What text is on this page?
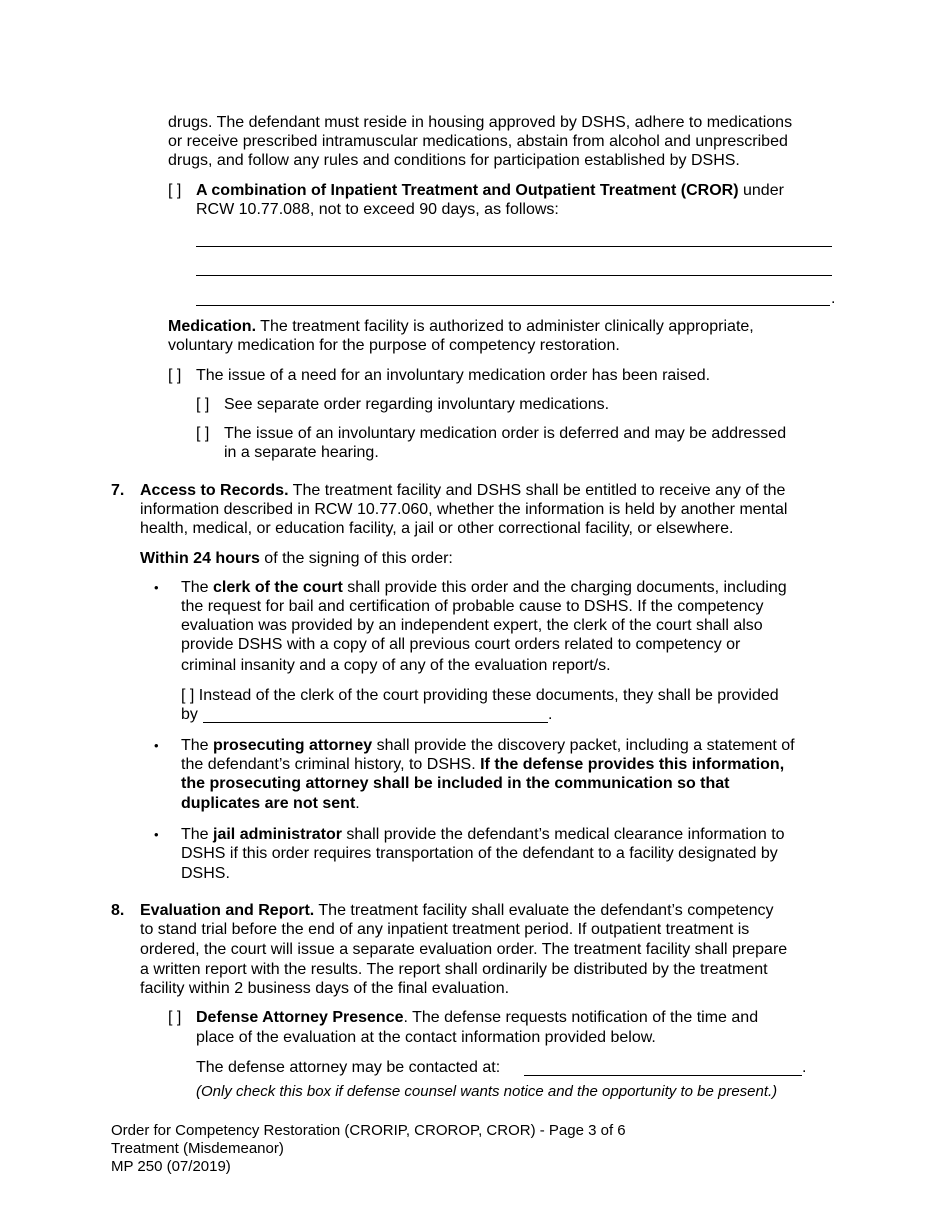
drugs. The defendant must reside in housing approved by DSHS, adhere to medications
or receive prescribed intramuscular medications, abstain from alcohol and unprescribed
drugs, and follow any rules and conditions for participation established by DSHS.
[ ] A combination of Inpatient Treatment and Outpatient Treatment (CROR) under
RCW 10.77.088, not to exceed 90 days, as follows:
.
Medication. The treatment facility is authorized to administer clinically appropriate,
voluntary medication for the purpose of competency restoration.
[ ] The issue of a need for an involuntary medication order has been raised.
[ ] See separate order regarding involuntary medications.
[ ] The issue of an involuntary medication order is deferred and may be addressed
in a separate hearing.
7. Access to Records. The treatment facility and DSHS shall be entitled to receive any of the
information described in RCW 10.77.060, whether the information is held by another mental
health, medical, or education facility, a jail or other correctional facility, or elsewhere.
Within 24 hours of the signing of this order:
• The clerk of the court shall provide this order and the charging documents, including
the request for bail and certification of probable cause to DSHS. If the competency
evaluation was provided by an independent expert, the clerk of the court shall also
provide DSHS with a copy of all previous court orders related to competency or
criminal insanity and a copy of any of the evaluation report/s.
[ ] Instead of the clerk of the court providing these documents, they shall be provided
by	.
• The prosecuting attorney shall provide the discovery packet, including a statement of
the defendant’s criminal history, to DSHS. If the defense provides this information,
the prosecuting attorney shall be included in the communication so that
duplicates are not sent.
• The jail administrator shall provide the defendant’s medical clearance information to
DSHS if this order requires transportation of the defendant to a facility designated by
DSHS.
8. Evaluation and Report. The treatment facility shall evaluate the defendant’s competency
to stand trial before the end of any inpatient treatment period. If outpatient treatment is
ordered, the court will issue a separate evaluation order. The treatment facility shall prepare
a written report with the results. The report shall ordinarily be distributed by the treatment
facility within 2 business days of the final evaluation.
[ ] Defense Attorney Presence. The defense requests notification of the time and
place of the evaluation at the contact information provided below.
The defense attorney may be contacted at:	.
(Only check this box if defense counsel wants notice and the opportunity to be present.)
Order for Competency Restoration (CRORIP, CROROP, CROR) - Page 3 of 6
Treatment (Misdemeanor)
MP 250 (07/2019)
